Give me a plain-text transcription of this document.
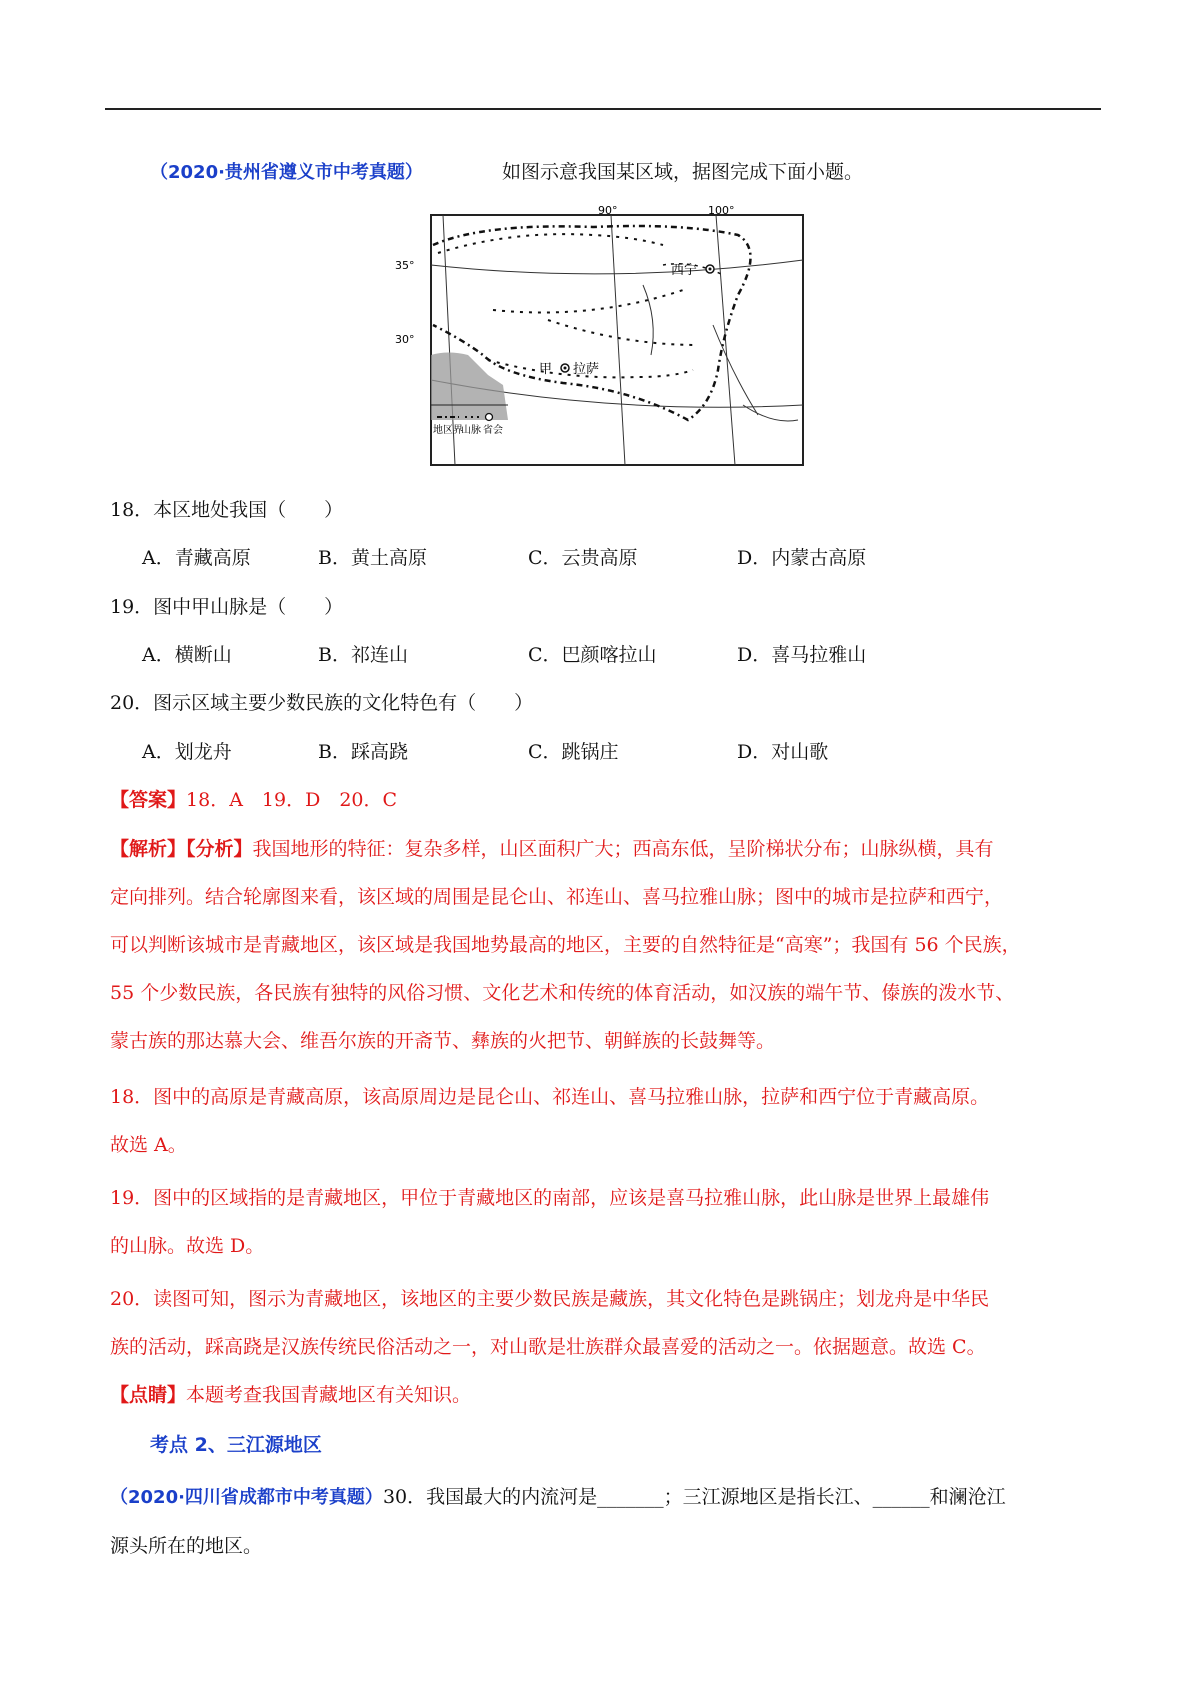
（2020·贵州省遵义市中考真题）	如图示意我国某区域，据图完成下面小题。
90°	100°
35°
30°
西宁
拉萨
甲
地区界
山脉 省会
18．本区地处我国（　　）
A．青藏高原	B．黄土高原	C．云贵高原	D．内蒙古高原
19．图中甲山脉是（　　）
A．横断山	B．祁连山	C．巴颜喀拉山	D．喜马拉雅山
20．图示区域主要少数民族的文化特色有（　　）
A．划龙舟	B．踩高跷	C．跳锅庄	D．对山歌
【答案】18．A　19．D　20．C
【解析】【分析】我国地形的特征：复杂多样，山区面积广大；西高东低，呈阶梯状分布；山脉纵横，具有
定向排列。结合轮廓图来看，该区域的周围是昆仑山、祁连山、喜马拉雅山脉；图中的城市是拉萨和西宁，
可以判断该城市是青藏地区，该区域是我国地势最高的地区，主要的自然特征是“高寒”；我国有 56 个民族，
55 个少数民族，各民族有独特的风俗习惯、文化艺术和传统的体育活动，如汉族的端午节、傣族的泼水节、
蒙古族的那达慕大会、维吾尔族的开斋节、彝族的火把节、朝鲜族的长鼓舞等。
18．图中的高原是青藏高原，该高原周边是昆仑山、祁连山、喜马拉雅山脉，拉萨和西宁位于青藏高原。
故选 A。
19．图中的区域指的是青藏地区，甲位于青藏地区的南部，应该是喜马拉雅山脉，此山脉是世界上最雄伟
的山脉。故选 D。
20．读图可知，图示为青藏地区，该地区的主要少数民族是藏族，其文化特色是跳锅庄；划龙舟是中华民
族的活动，踩高跷是汉族传统民俗活动之一，对山歌是壮族群众最喜爱的活动之一。依据题意。故选 C。
【点睛】本题考查我国青藏地区有关知识。
考点 2、三江源地区
（2020·四川省成都市中考真题）30．我国最大的内流河是_______；三江源地区是指长江、______和澜沧江
源头所在的地区。
